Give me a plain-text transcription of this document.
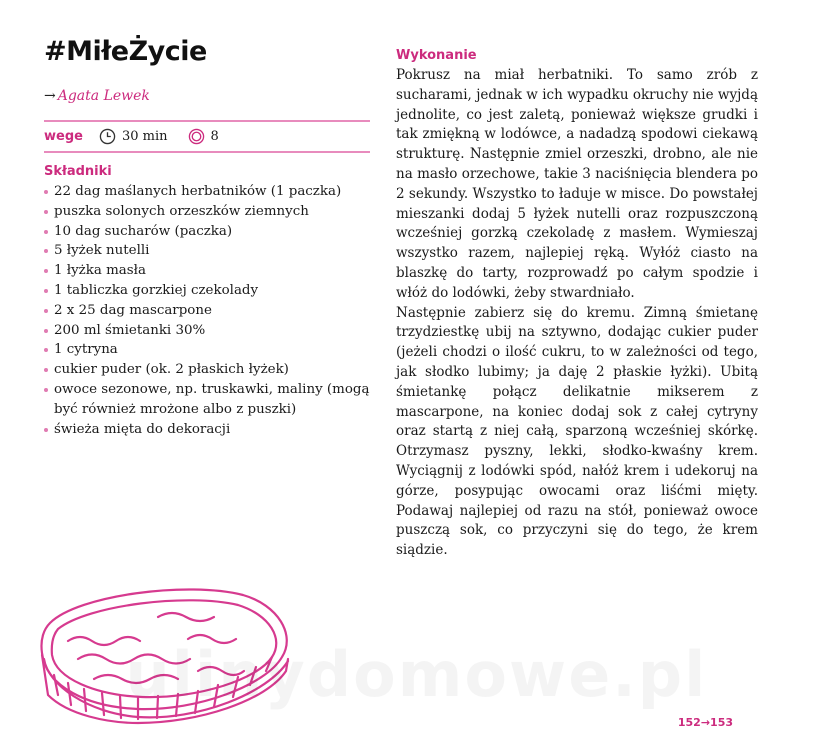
#MiłeŻycie
→ Agata Lewek
wege	30 min	8
Składniki
22 dag maślanych herbatników (1 paczka)
puszka solonych orzeszków ziemnych
10 dag sucharów (paczka)
5 łyżek nutelli
1 łyżka masła
1 tabliczka gorzkiej czekolady
2 x 25 dag mascarpone
200 ml śmietanki 30%
1 cytryna
cukier puder (ok. 2 płaskich łyżek)
owoce sezonowe, np. truskawki, maliny (mogą być również mrożone albo z puszki)
świeża mięta do dekoracji
Wykonanie

Pokrusz na miał herbatniki. To samo zrób z sucharami, jednak w ich wypadku okruchy nie wyjdą jednolite, co jest zaletą, ponieważ większe grudki i tak zmiękną w lodówce, a nadadzą spodowi ciekawą strukturę. Następnie zmiel orzeszki, drobno, ale nie na masło orzechowe, takie 3 naciśnięcia blendera po 2 sekundy. Wszystko to ładuje w misce. Do powstałej mieszanki dodaj 5 łyżek nutelli oraz rozpuszczoną wcześniej gorzką czekoladę z masłem. Wymieszaj wszystko razem, najlepiej ręką. Wyłóż ciasto na blaszkę do tarty, rozprowadź po całym spodzie i włóż do lodówki, żeby stwardniało.

Następnie zabierz się do kremu. Zimną śmietanę trzydziestkę ubij na sztywno, dodając cukier puder (jeżeli chodzi o ilość cukru, to w zależności od tego, jak słodko lubimy; ja daję 2 płaskie łyżki). Ubitą śmietankę połącz delikatnie mikserem z mascarpone, na koniec dodaj sok z całej cytryny oraz startą z niej całą, sparzoną wcześniej skórkę. Otrzymasz pyszny, lekki, słodko-kwaśny krem. Wyciągnij z lodówki spód, nałóż krem i udekoruj na górze, posypując owocami oraz liśćmi mięty. Podawaj najlepiej od razu na stół, ponieważ owoce puszczą sok, co przyczyni się do tego, że krem siądzie.

152→153
